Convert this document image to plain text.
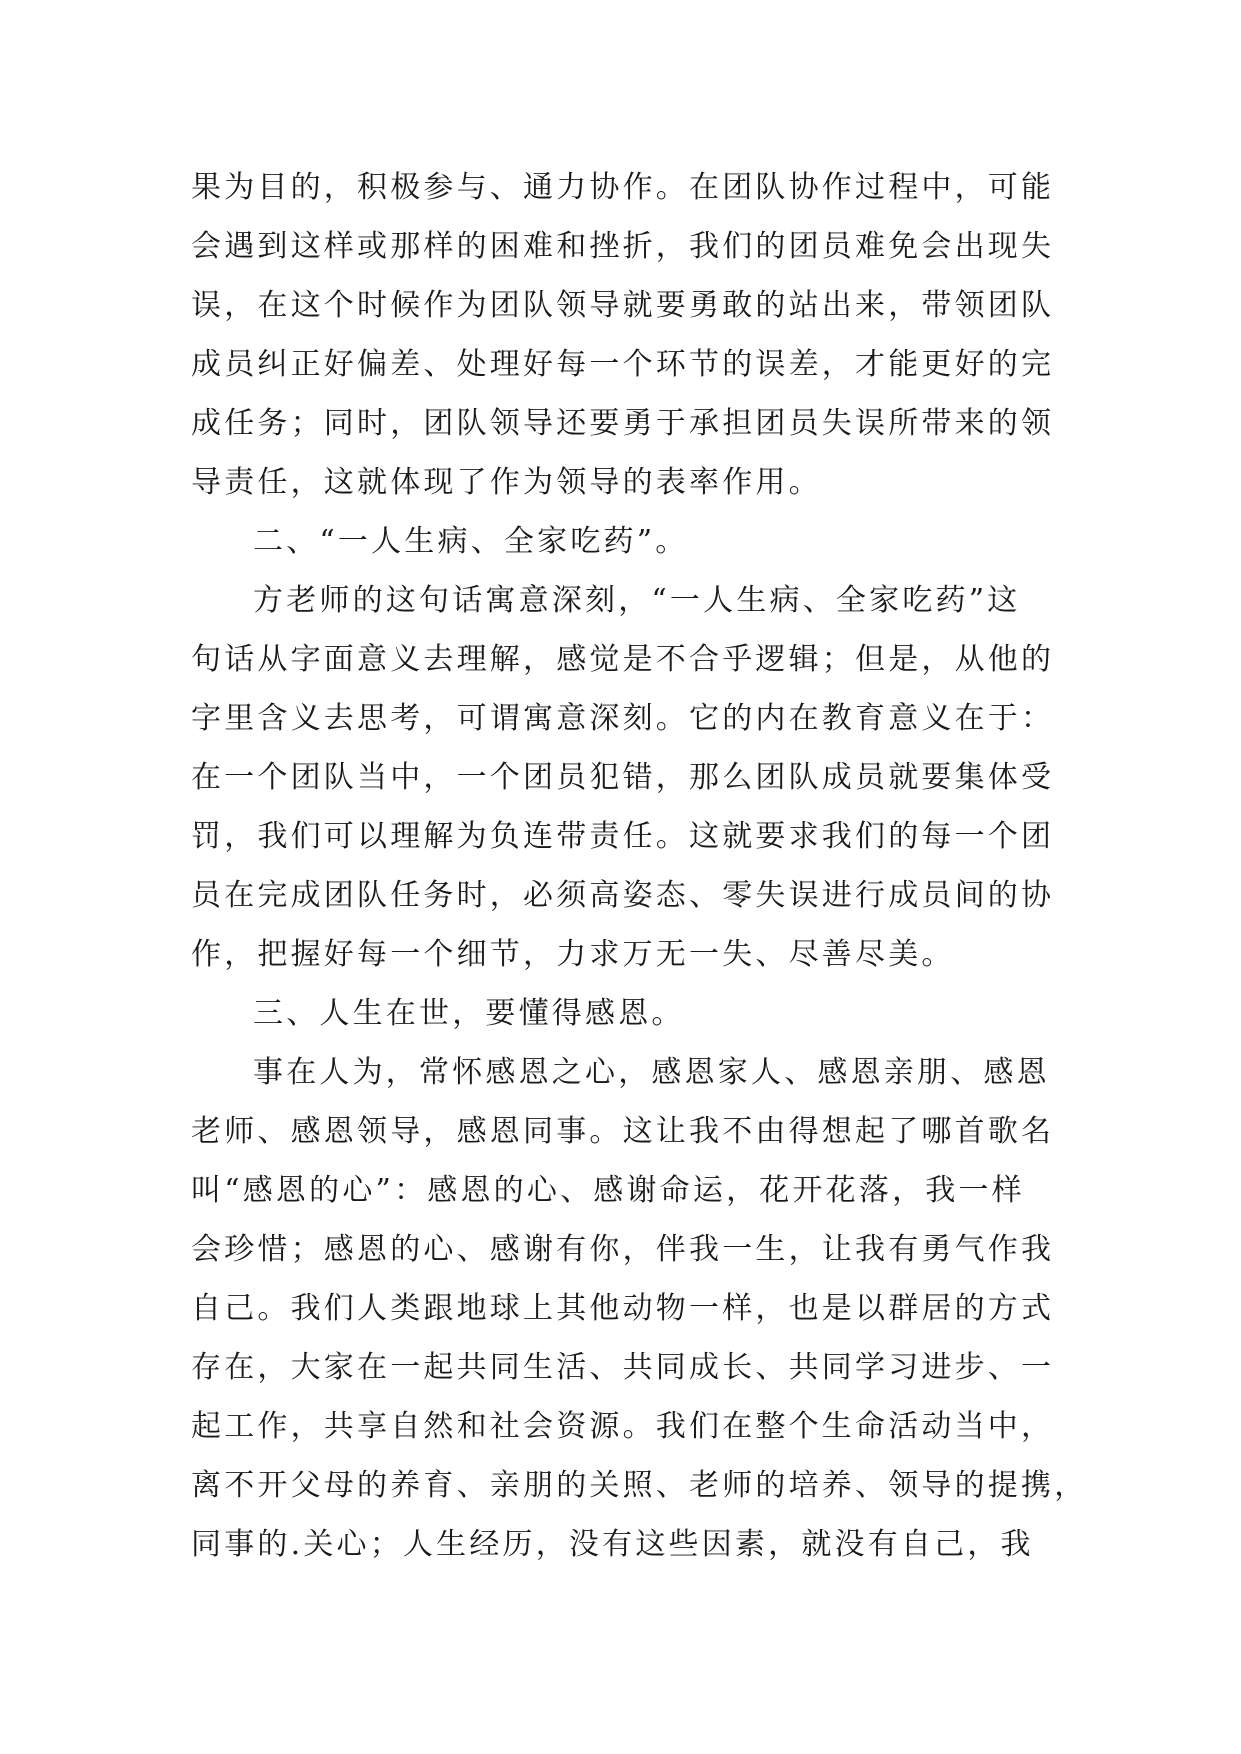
果为目的，积极参与、通力协作。在团队协作过程中，可能
会遇到这样或那样的困难和挫折，我们的团员难免会出现失
误，在这个时候作为团队领导就要勇敢的站出来，带领团队
成员纠正好偏差、处理好每一个环节的误差，才能更好的完
成任务；同时，团队领导还要勇于承担团员失误所带来的领
导责任，这就体现了作为领导的表率作用。
二、“一人生病、全家吃药”。
方老师的这句话寓意深刻，“一人生病、全家吃药”这
句话从字面意义去理解，感觉是不合乎逻辑；但是，从他的
字里含义去思考，可谓寓意深刻。它的内在教育意义在于：
在一个团队当中，一个团员犯错，那么团队成员就要集体受
罚，我们可以理解为负连带责任。这就要求我们的每一个团
员在完成团队任务时，必须高姿态、零失误进行成员间的协
作，把握好每一个细节，力求万无一失、尽善尽美。
三、人生在世，要懂得感恩。
事在人为，常怀感恩之心，感恩家人、感恩亲朋、感恩
老师、感恩领导，感恩同事。这让我不由得想起了哪首歌名
叫“感恩的心”：感恩的心、感谢命运，花开花落，我一样
会珍惜；感恩的心、感谢有你，伴我一生，让我有勇气作我
自己。我们人类跟地球上其他动物一样，也是以群居的方式
存在，大家在一起共同生活、共同成长、共同学习进步、一
起工作，共享自然和社会资源。我们在整个生命活动当中，
离不开父母的养育、亲朋的关照、老师的培养、领导的提携，
同事的.关心；人生经历，没有这些因素，就没有自己，我
